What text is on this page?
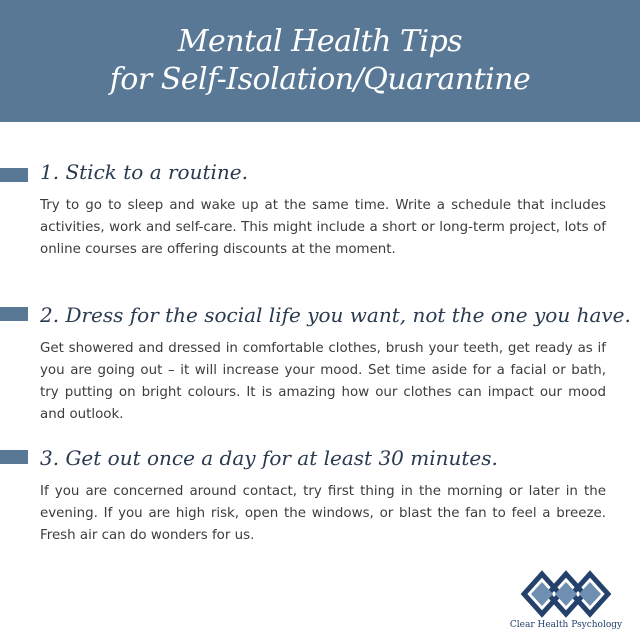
Mental Health Tips
for Self-Isolation/Quarantine
1. Stick to a routine.
Try to go to sleep and wake up at the same time. Write a schedule that includes activities, work and self-care. This might include a short or long-term project, lots of online courses are offering discounts at the moment.
2. Dress for the social life you want, not the one you have.
Get showered and dressed in comfortable clothes, brush your teeth, get ready as if you are going out – it will increase your mood. Set time aside for a facial or bath, try putting on bright colours. It is amazing how our clothes can impact our mood and outlook.
3. Get out once a day for at least 30 minutes.
If you are concerned around contact, try first thing in the morning or later in the evening. If you are high risk, open the windows, or blast the fan to feel a breeze. Fresh air can do wonders for us.
Clear Health Psychology
